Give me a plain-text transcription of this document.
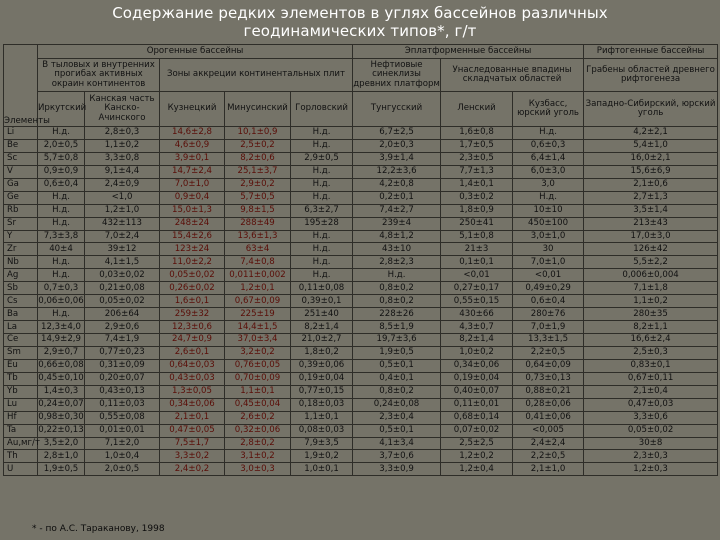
Содержание редких элементов в углях бассейнов различных
геодинамических типов*, г/т
Элементы	Орогенные бассейны					Эплатформенные бассейны			Рифтогенные бассейны
	В тыловых и внутренних прогибах активных окраин континентов		Зоны аккреции континентальных плит			Нефтиовые синеклизы древних платформ	Унаследованные впадины складчатых областей		Грабены областей древнего рифтогенеза
	Иркутский	Канская часть Канско-Ачинского	Кузнецкий	Минусинский	Горловский	Тунгусский	Ленский	Кузбасс, юрский уголь	Западно-Сибирский, юрский уголь
Li	Н.д.	2,8±0,3	14,6±2,8	10,1±0,9	Н.д.	6,7±2,5	1,6±0,8	Н.д.	4,2±2,1
Be	2,0±0,5	1,1±0,2	4,6±0,9	2,5±0,2	Н.д.	2,0±0,3	1,7±0,5	0,6±0,3	5,4±1,0
Sc	5,7±0,8	3,3±0,8	3,9±0,1	8,2±0,6	2,9±0,5	3,9±1,4	2,3±0,5	6,4±1,4	16,0±2,1
V	0,9±0,9	9,1±4,4	14,7±2,4	25,1±3,7	Н.д.	12,2±3,6	7,7±1,3	6,0±3,0	15,6±6,9
Ga	0,6±0,4	2,4±0,9	7,0±1,0	2,9±0,2	Н.д.	4,2±0,8	1,4±0,1	3,0	2,1±0,6
Ge	Н.д.	<1,0	0,9±0,4	5,7±0,5	Н.д.	0,2±0,1	0,3±0,2	Н.д.	2,7±1,3
Rb	Н.д.	1,2±1,0	15,0±1,3	9,8±1,5	6,3±2,7	7,4±2,7	1,8±0,9	10±10	3,5±1,4
Sr	Н.д.	432±113	248±24	288±49	195±28	239±4	250±41	450±100	213±43
Y	7,3±3,8	7,0±2,4	15,4±2,6	13,6±1,3	Н.д.	4,8±1,2	5,1±0,8	3,0±1,0	17,0±3,0
Zr	40±4	39±12	123±24	63±4	Н.д.	43±10	21±3	30	126±42
Nb	Н.д.	4,1±1,5	11,0±2,2	7,4±0,8	Н.д.	2,8±2,3	0,1±0,1	7,0±1,0	5,5±2,2
Ag	Н.д.	0,03±0,02	0,05±0,02	0,011±0,002	Н.д.	Н.д.	<0,01	<0,01	0,006±0,004
Sb	0,7±0,3	0,21±0,08	0,26±0,02	1,2±0,1	0,11±0,08	0,8±0,2	0,27±0,17	0,49±0,29	7,1±1,8
Cs	0,06±0,06	0,05±0,02	1,6±0,1	0,67±0,09	0,39±0,1	0,8±0,2	0,55±0,15	0,6±0,4	1,1±0,2
Ba	Н.д.	206±64	259±32	225±19	251±40	228±26	430±66	280±76	280±35
La	12,3±4,0	2,9±0,6	12,3±0,6	14,4±1,5	8,2±1,4	8,5±1,9	4,3±0,7	7,0±1,9	8,2±1,1
Ce	14,9±2,9	7,4±1,9	24,7±0,9	37,0±3,4	21,0±2,7	19,7±3,6	8,2±1,4	13,3±1,5	16,6±2,4
Sm	2,9±0,7	0,77±0,23	2,6±0,1	3,2±0,2	1,8±0,2	1,9±0,5	1,0±0,2	2,2±0,5	2,5±0,3
Eu	0,66±0,08	0,31±0,09	0,64±0,03	0,76±0,05	0,39±0,06	0,5±0,1	0,34±0,06	0,64±0,09	0,83±0,1
Tb	0,45±0,10	0,20±0,07	0,43±0,03	0,70±0,09	0,19±0,04	0,4±0,1	0,19±0,04	0,73±0,13	0,67±0,11
Yb	1,4±0,3	0,43±0,13	1,3±0,05	1,1±0,1	0,77±0,15	0,8±0,2	0,40±0,07	0,88±0,21	2,1±0,4
Lu	0,24±0,07	0,11±0,03	0,34±0,06	0,45±0,04	0,18±0,03	0,24±0,08	0,11±0,01	0,28±0,06	0,47±0,03
Hf	0,98±0,30	0,55±0,08	2,1±0,1	2,6±0,2	1,1±0,1	2,3±0,4	0,68±0,14	0,41±0,06	3,3±0,6
Ta	0,22±0,13	0,01±0,01	0,47±0,05	0,32±0,06	0,08±0,03	0,5±0,1	0,07±0,02	<0,005	0,05±0,02
Au,мг/т	3,5±2,0	7,1±2,0	7,5±1,7	2,8±0,2	7,9±3,5	4,1±3,4	2,5±2,5	2,4±2,4	30±8
Th	2,8±1,0	1,0±0,4	3,3±0,2	3,1±0,2	1,9±0,2	3,7±0,6	1,2±0,2	2,2±0,5	2,3±0,3
U	1,9±0,5	2,0±0,5	2,4±0,2	3,0±0,3	1,0±0,1	3,3±0,9	1,2±0,4	2,1±1,0	1,2±0,3
* - по А.С. Тараканову, 1998
